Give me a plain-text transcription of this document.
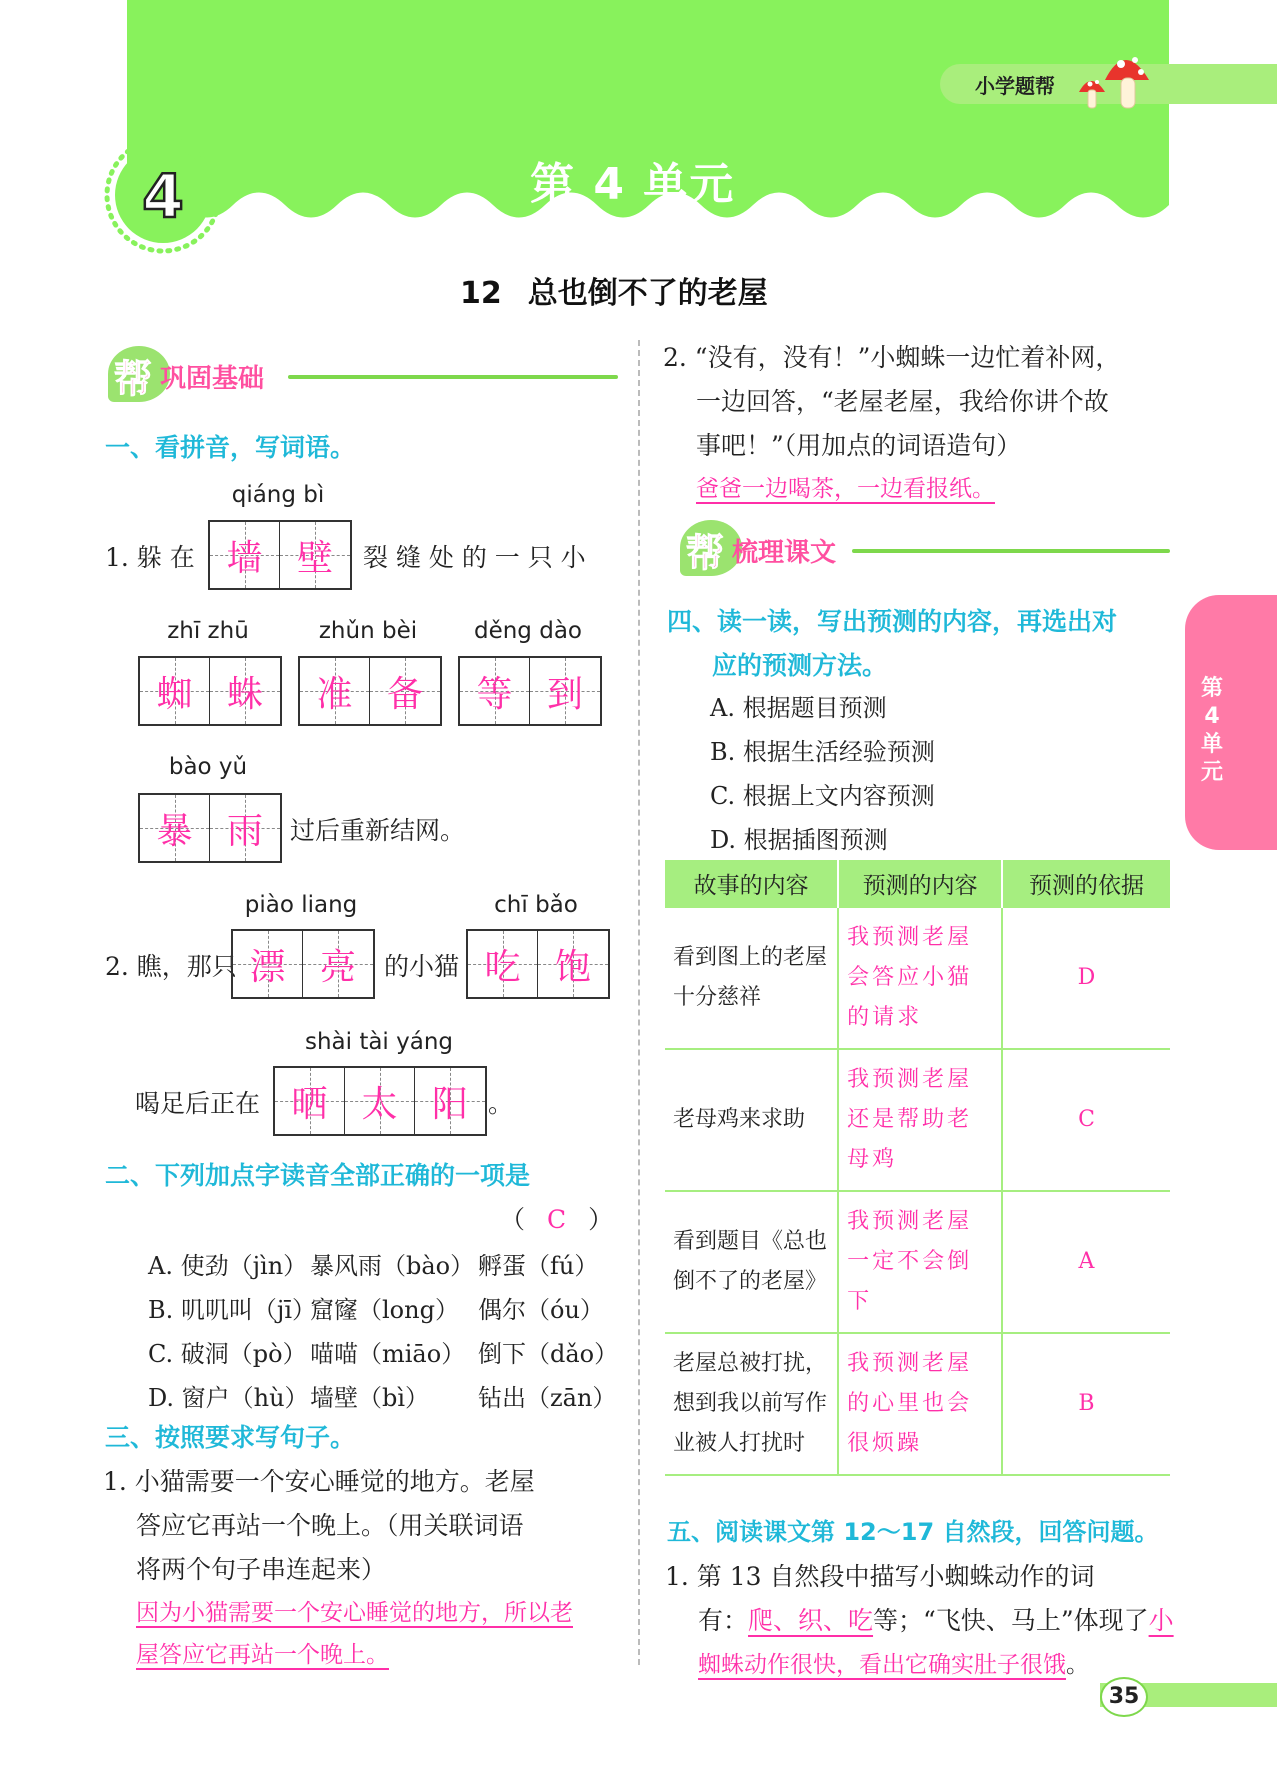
小学题帮
4	第 4 单元
12 总也倒不了的老屋
帮 巩固基础
一、看拼音，写词语。
qiáng bì
1. 躲 在 墙 壁 裂 缝 处 的 一 只 小
zhī zhū	zhǔn bèi	děng dào
蜘 蛛 准 备 等 到
bào yǔ
暴 雨 过后重新结网。
piào liang	chī bǎo
2. 瞧，那只 漂 亮 的小猫 吃 饱
shài tài yáng
喝足后正在 晒 太 阳 。
二、下列加点字读音全部正确的一项是
（ C ）
A. 使劲（jìn） 暴风雨（bào） 孵蛋（fú）
B. 叽叽叫（jī）窟窿（long） 偶尔（óu）
C. 破洞（pò） 喵喵（miāo） 倒下（dǎo）
D. 窗户（hù）墙壁（bì） 钻出（zān）
三、按照要求写句子。
1. 小猫需要一个安心睡觉的地方。老屋
答应它再站一个晚上。（用关联词语
将两个句子串连起来）
因为小猫需要一个安心睡觉的地方，所以老
屋答应它再站一个晚上。
2. “没有，没有！”小蜘蛛一边忙着补网，
一边回答，“老屋老屋，我给你讲个故
事吧！”（用加点的词语造句）
爸爸一边喝茶，一边看报纸。
帮 梳理课文
四、读一读，写出预测的内容，再选出对
应的预测方法。
A. 根据题目预测
B. 根据生活经验预测
C. 根据上文内容预测
D. 根据插图预测
故事的内容	预测的内容	预测的依据
看到图上的老屋十分慈祥	我预测老屋会答应小猫的请求	D
老母鸡来求助	我预测老屋还是帮助老母鸡	C
看到题目《总也倒不了的老屋》	我预测老屋一定不会倒下	A
老屋总被打扰，想到我以前写作业被人打扰时	我预测老屋的心里也会很烦躁	B
五、阅读课文第 12～17 自然段，回答问题。
1. 第 13 自然段中描写小蜘蛛动作的词
有：爬、织、吃等；“飞快、马上”体现了小
蜘蛛动作很快，看出它确实肚子很饿。
第
4
单
元
35
